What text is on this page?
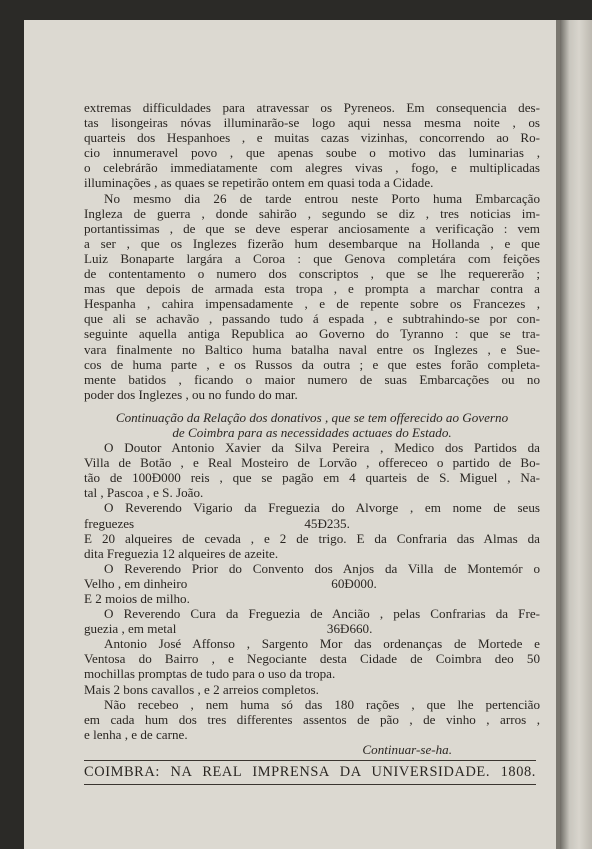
extremas difficuldades para atravessar os Pyreneos. Em consequencia des-
tas lisongeiras nóvas illuminarão-se logo aqui nessa mesma noite , os
quarteis dos Hespanhoes , e muitas cazas vizinhas, concorrendo ao Ro-
cio innumeravel povo , que apenas soube o motivo das luminarias ,
o celebrárão immediatamente com alegres vivas , fogo, e multiplicadas
illuminações , as quaes se repetirão ontem em quasi toda a Cidade.
No mesmo dia 26 de tarde entrou neste Porto huma Embarcação
Ingleza de guerra , donde sahirão , segundo se diz , tres noticias im-
portantissimas , de que se deve esperar anciosamente a verificação : vem
a ser , que os Inglezes fizerão hum desembarque na Hollanda , e que
Luiz Bonaparte largára a Coroa : que Genova completára com feições
de contentamento o numero dos conscriptos , que se lhe requererão ;
mas que depois de armada esta tropa , e prompta a marchar contra a
Hespanha , cahira impensadamente , e de repente sobre os Francezes ,
que ali se achavão , passando tudo á espada , e subtrahindo-se por con-
seguinte aquella antiga Republica ao Governo do Tyranno : que se tra-
vara finalmente no Baltico huma batalha naval entre os Inglezes , e Sue-
cos de huma parte , e os Russos da outra ; e que estes forão completa-
mente batidos , ficando o maior numero de suas Embarcações ou no
poder dos Inglezes , ou no fundo do mar.
Continuação da Relação dos donativos , que se tem offerecido ao Governo
de Coimbra para as necessidades actuaes do Estado.
O Doutor Antonio Xavier da Silva Pereira , Medico dos Partidos da
Villa de Botão , e Real Mosteiro de Lorvão , offereceo o partido de Bo-
tão de 100Ɖ000 reis , que se pagão em 4 quarteis de S. Miguel , Na-
tal , Pascoa , e S. João.
O Reverendo Vigario da Freguezia do Alvorge , em nome de seus
freguezes                                                    45Ɖ235.
E 20 alqueires de cevada , e 2 de trigo. E da Confraria das Almas da
dita Freguezia 12 alqueires de azeite.
O Reverendo Prior do Convento dos Anjos da Villa de Montemór o
Velho , em dinheiro                                            60Ɖ000.
E 2 moios de milho.
O Reverendo Cura da Freguezia de Ancião , pelas Confrarias da Fre-
guezia , em metal                                              36Ɖ660.
Antonio José Affonso , Sargento Mor das ordenanças de Mortede e
Ventosa do Bairro , e Negociante desta Cidade de Coimbra deo 50
mochillas promptas de tudo para o uso da tropa.
Mais 2 bons cavallos , e 2 arreios completos.
Não recebeo , nem huma só das 180 rações , que lhe pertencião
em cada hum dos tres differentes assentos de pão , de vinho , arros ,
e lenha , e de carne.
Continuar-se-ha.
COIMBRA: NA REAL IMPRENSA DA UNIVERSIDADE. 1808.
